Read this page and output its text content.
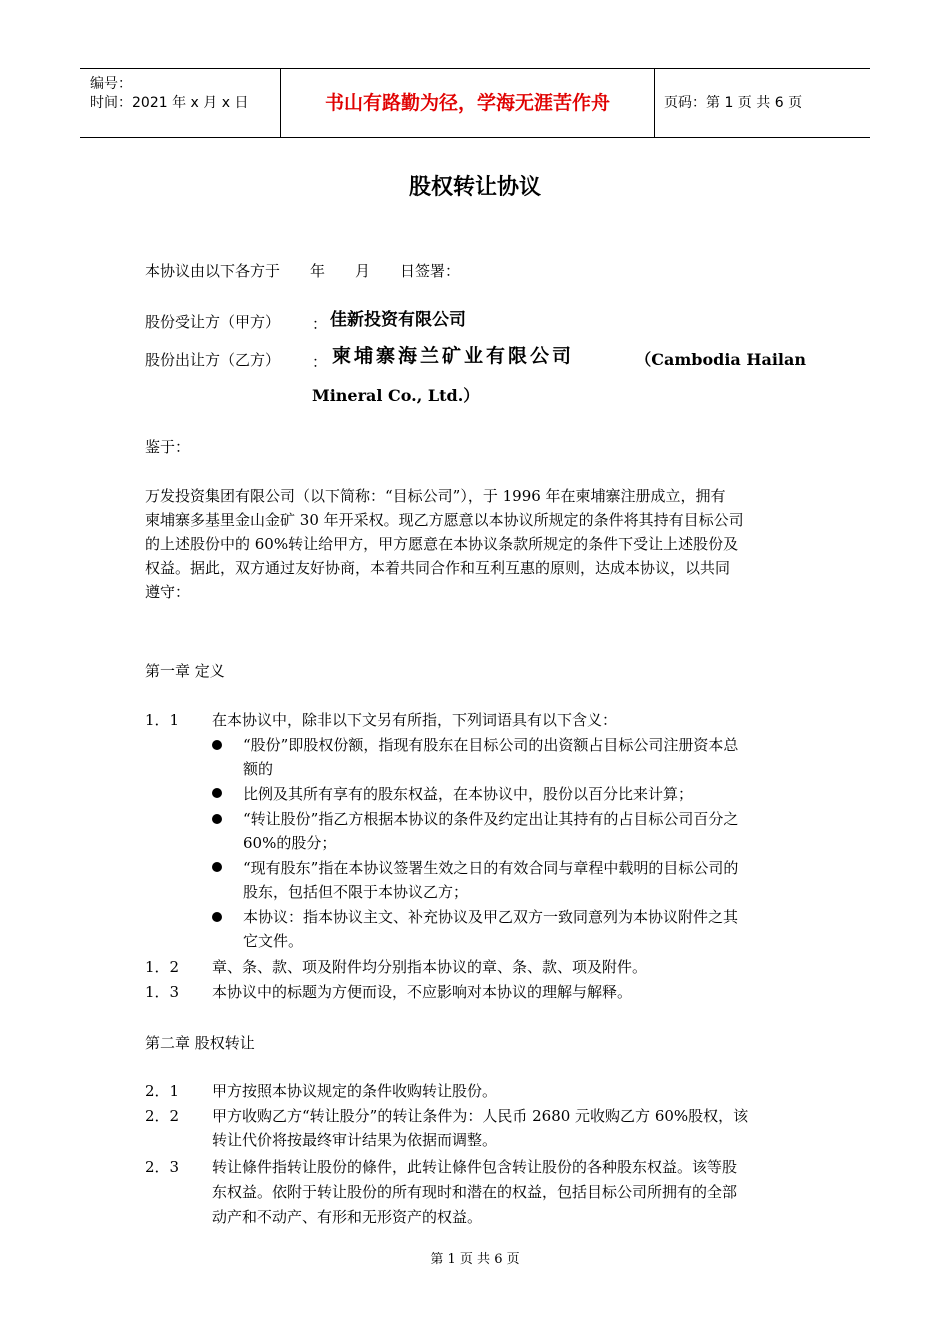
编号：
时间：2021 年 x 月 x 日	书山有路勤为径，学海无涯苦作舟	页码：第 1 页 共 6 页
股权转让协议
本协议由以下各方于　　年　　月　　日签署：
股份受让方（甲方） ： 佳新投资有限公司
股份出让方（乙方） ： 柬埔寨海兰矿业有限公司	（Cambodia Hailan
Mineral Co., Ltd.）
鉴于：
万发投资集团有限公司（以下简称：“目标公司”），于 1996 年在柬埔寨注册成立，拥有
柬埔寨多基里金山金矿 30 年开采权。现乙方愿意以本协议所规定的条件将其持有目标公司
的上述股份中的 60%转让给甲方，甲方愿意在本协议条款所规定的条件下受让上述股份及
权益。据此，双方通过友好协商，本着共同合作和互利互惠的原则，达成本协议，以共同
遵守：
第一章 定义
1．1 在本协议中，除非以下文另有所指，下列词语具有以下含义：
“股份”即股权份额，指现有股东在目标公司的出资额占目标公司注册资本总
额的
比例及其所有享有的股东权益，在本协议中，股份以百分比来计算；
“转让股份”指乙方根据本协议的条件及约定出让其持有的占目标公司百分之
60%的股分；
“现有股东”指在本协议签署生效之日的有效合同与章程中载明的目标公司的
股东，包括但不限于本协议乙方；
本协议：指本协议主文、补充协议及甲乙双方一致同意列为本协议附件之其
它文件。
1．2 章、条、款、项及附件均分别指本协议的章、条、款、项及附件。
1．3 本协议中的标题为方便而设，不应影响对本协议的理解与解释。
第二章 股权转让
2．1 甲方按照本协议规定的条件收购转让股份。
2．2 甲方收购乙方“转让股分”的转让条件为：人民币 2680 元收购乙方 60%股权，该
转让代价将按最终审计结果为依据而调整。
2．3 转让條件指转让股份的條件，此转让條件包含转让股份的各种股东权益。该等股
东权益。依附于转让股份的所有现时和潜在的权益，包括目标公司所拥有的全部
动产和不动产、有形和无形资产的权益。
第 1 页 共 6 页
